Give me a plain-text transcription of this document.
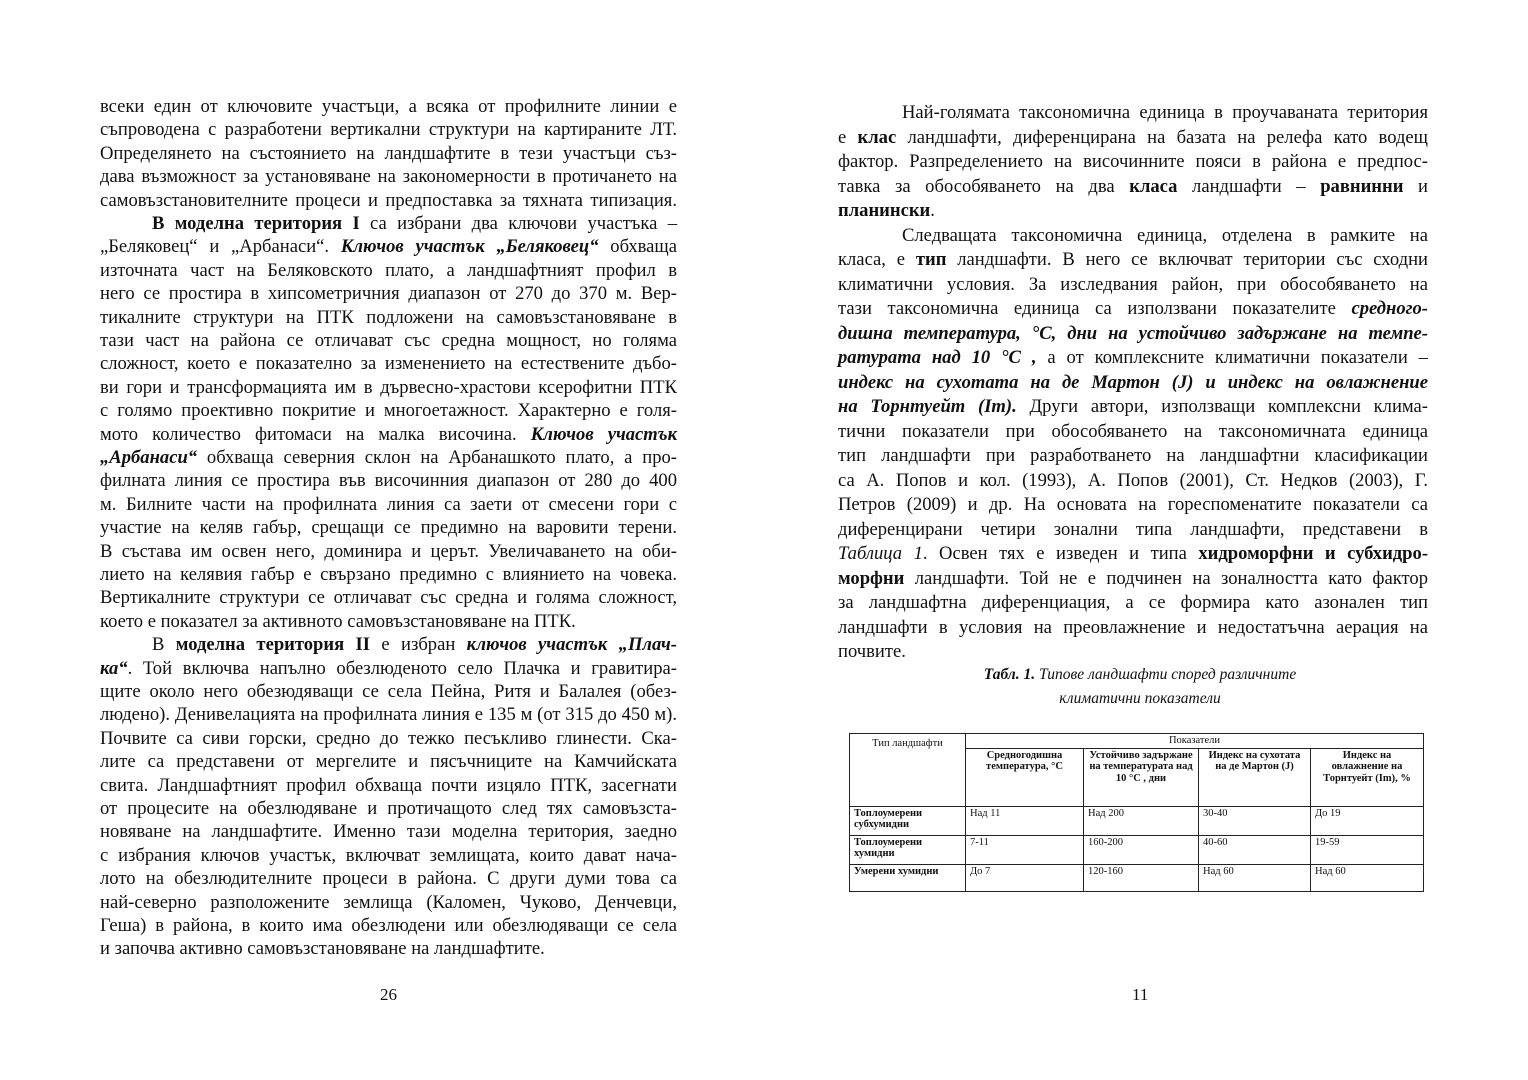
всеки един от ключовите участъци, а всяка от профилните линии е
съпроводена с разработени вертикални структури на картираните ЛТ.
Определянето на състоянието на ландшафтите в тези участъци съз-
дава възможност за установяване на закономерности в протичането на
самовъзстановителните процеси и предпоставка за тяхната типизация.
В моделна територия I са избрани два ключови участъка –
„Беляковец“ и „Арбанаси“. Ключов участък „Беляковец“ обхваща
източната част на Беляковското плато, а ландшафтният профил в
него се простира в хипсометричния диапазон от 270 до 370 м. Вер-
тикалните структури на ПТК подложени на самовъзстановяване в
тази част на района се отличават със средна мощност, но голяма
сложност, което е показателно за изменението на естествените дъбо-
ви гори и трансформацията им в дървесно-храстови ксерофитни ПТК
с голямо проективно покритие и многоетажност. Характерно е голя-
мото количество фитомаси на малка височина. Ключов участък
„Арбанаси“ обхваща северния склон на Арбанашкото плато, а про-
филната линия се простира във височинния диапазон от 280 до 400
м. Билните части на профилната линия са заети от смесени гори с
участие на келяв габър, срещащи се предимно на варовити терени.
В състава им освен него, доминира и церът. Увеличаването на оби-
лието на келявия габър е свързано предимно с влиянието на човека.
Вертикалните структури се отличават със средна и голяма сложност,
което е показател за активното самовъзстановяване на ПТК.
В моделна територия II е избран ключов участък „Плач-
ка“. Той включва напълно обезлюденото село Плачка и гравитира-
щите около него обезюдяващи се села Пейна, Ритя и Балалея (обез-
людено). Денивелацията на профилната линия е 135 м (от 315 до 450 м).
Почвите са сиви горски, средно до тежко песъкливо глинести. Ска-
лите са представени от мергелите и пясъчниците на Камчийската
свита. Ландшафтният профил обхваща почти изцяло ПТК, засегнати
от процесите на обезлюдяване и протичащото след тях самовъзста-
новяване на ландшафтите. Именно тази моделна територия, заедно
с избрания ключов участък, включват землищата, които дават нача-
лото на обезлюдителните процеси в района. С други думи това са
най-северно разположените землища (Каломен, Чуково, Денчевци,
Геша) в района, в които има обезлюдени или обезлюдяващи се села
и започва активно самовъзстановяване на ландшафтите.
26
Най-голямата таксономична единица в проучаваната територия
е клас ландшафти, диференцирана на базата на релефа като водещ
фактор. Разпределението на височинните пояси в района е предпос-
тавка за обособяването на два класа ландшафти – равнинни и
планински.
Следващата таксономична единица, отделена в рамките на
класа, е тип ландшафти. В него се включват територии със сходни
климатични условия. За изследвания район, при обособяването на
тази таксономична единица са използвани показателите средного-
дишна температура, °C, дни на устойчиво задържане на темпе-
ратурата над 10 °C , а от комплексните климатични показатели –
индекс на сухотата на де Мартон (J) и индекс на овлажнение
на Торнтуейт (Im). Други автори, използващи комплексни клима-
тични показатели при обособяването на таксономичната единица
тип ландшафти при разработването на ландшафтни класификации
са А. Попов и кол. (1993), А. Попов (2001), Ст. Недков (2003), Г.
Петров (2009) и др. На основата на гореспоменатите показатели са
диференцирани четири зонални типа ландшафти, представени в
Таблица 1. Освен тях е изведен и типа хидроморфни и субхидро-
морфни ландшафти. Той не е подчинен на зоналността като фактор
за ландшафтна диференциация, а се формира като азонален тип
ландшафти в условия на преовлажнение и недостатъчна аерация на
почвите.
11
Табл. 1. Типове ландшафти според различните
климатични показатели
Тип ландшафти	Показатели			
	Средногодишна температура, °C	Устойчиво задържане на температурата над 10 °C , дни	Индекс на сухотата на де Мартон (J)	Индекс на овлажнение на Торнтуейт (Im), %
Топлоумерени субхумидни	Над 11	Над 200	30-40	До 19
Топлоумерени хумидни	7-11	160-200	40-60	19-59
Умерени хумидни	До 7	120-160	Над 60	Над 60
